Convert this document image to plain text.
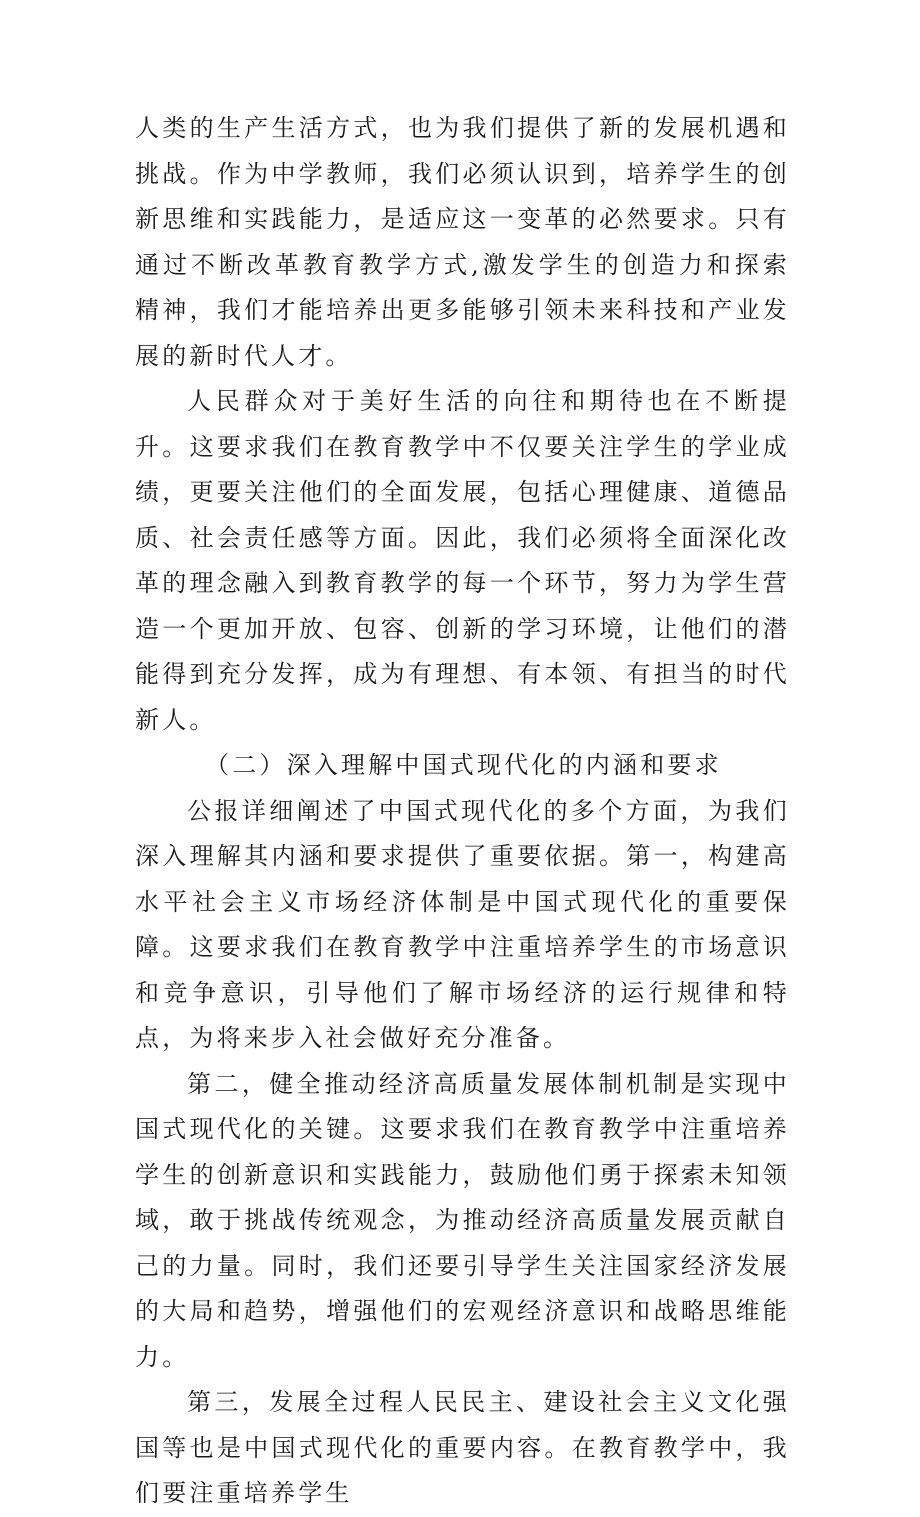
人类的生产生活方式，也为我们提供了新的发展机遇和挑战。作为中学教师，我们必须认识到，培养学生的创新思维和实践能力，是适应这一变革的必然要求。只有通过不断改革教育教学方式,激发学生的创造力和探索精神，我们才能培养出更多能够引领未来科技和产业发展的新时代人才。

人民群众对于美好生活的向往和期待也在不断提升。这要求我们在教育教学中不仅要关注学生的学业成绩，更要关注他们的全面发展，包括心理健康、道德品质、社会责任感等方面。因此，我们必须将全面深化改革的理念融入到教育教学的每一个环节，努力为学生营造一个更加开放、包容、创新的学习环境，让他们的潜能得到充分发挥，成为有理想、有本领、有担当的时代新人。

（二）深入理解中国式现代化的内涵和要求

公报详细阐述了中国式现代化的多个方面，为我们深入理解其内涵和要求提供了重要依据。第一，构建高水平社会主义市场经济体制是中国式现代化的重要保障。这要求我们在教育教学中注重培养学生的市场意识和竞争意识，引导他们了解市场经济的运行规律和特点，为将来步入社会做好充分准备。

第二，健全推动经济高质量发展体制机制是实现中国式现代化的关键。这要求我们在教育教学中注重培养学生的创新意识和实践能力，鼓励他们勇于探索未知领域，敢于挑战传统观念，为推动经济高质量发展贡献自己的力量。同时，我们还要引导学生关注国家经济发展的大局和趋势，增强他们的宏观经济意识和战略思维能力。

第三，发展全过程人民民主、建设社会主义文化强国等也是中国式现代化的重要内容。在教育教学中，我们要注重培养学生
